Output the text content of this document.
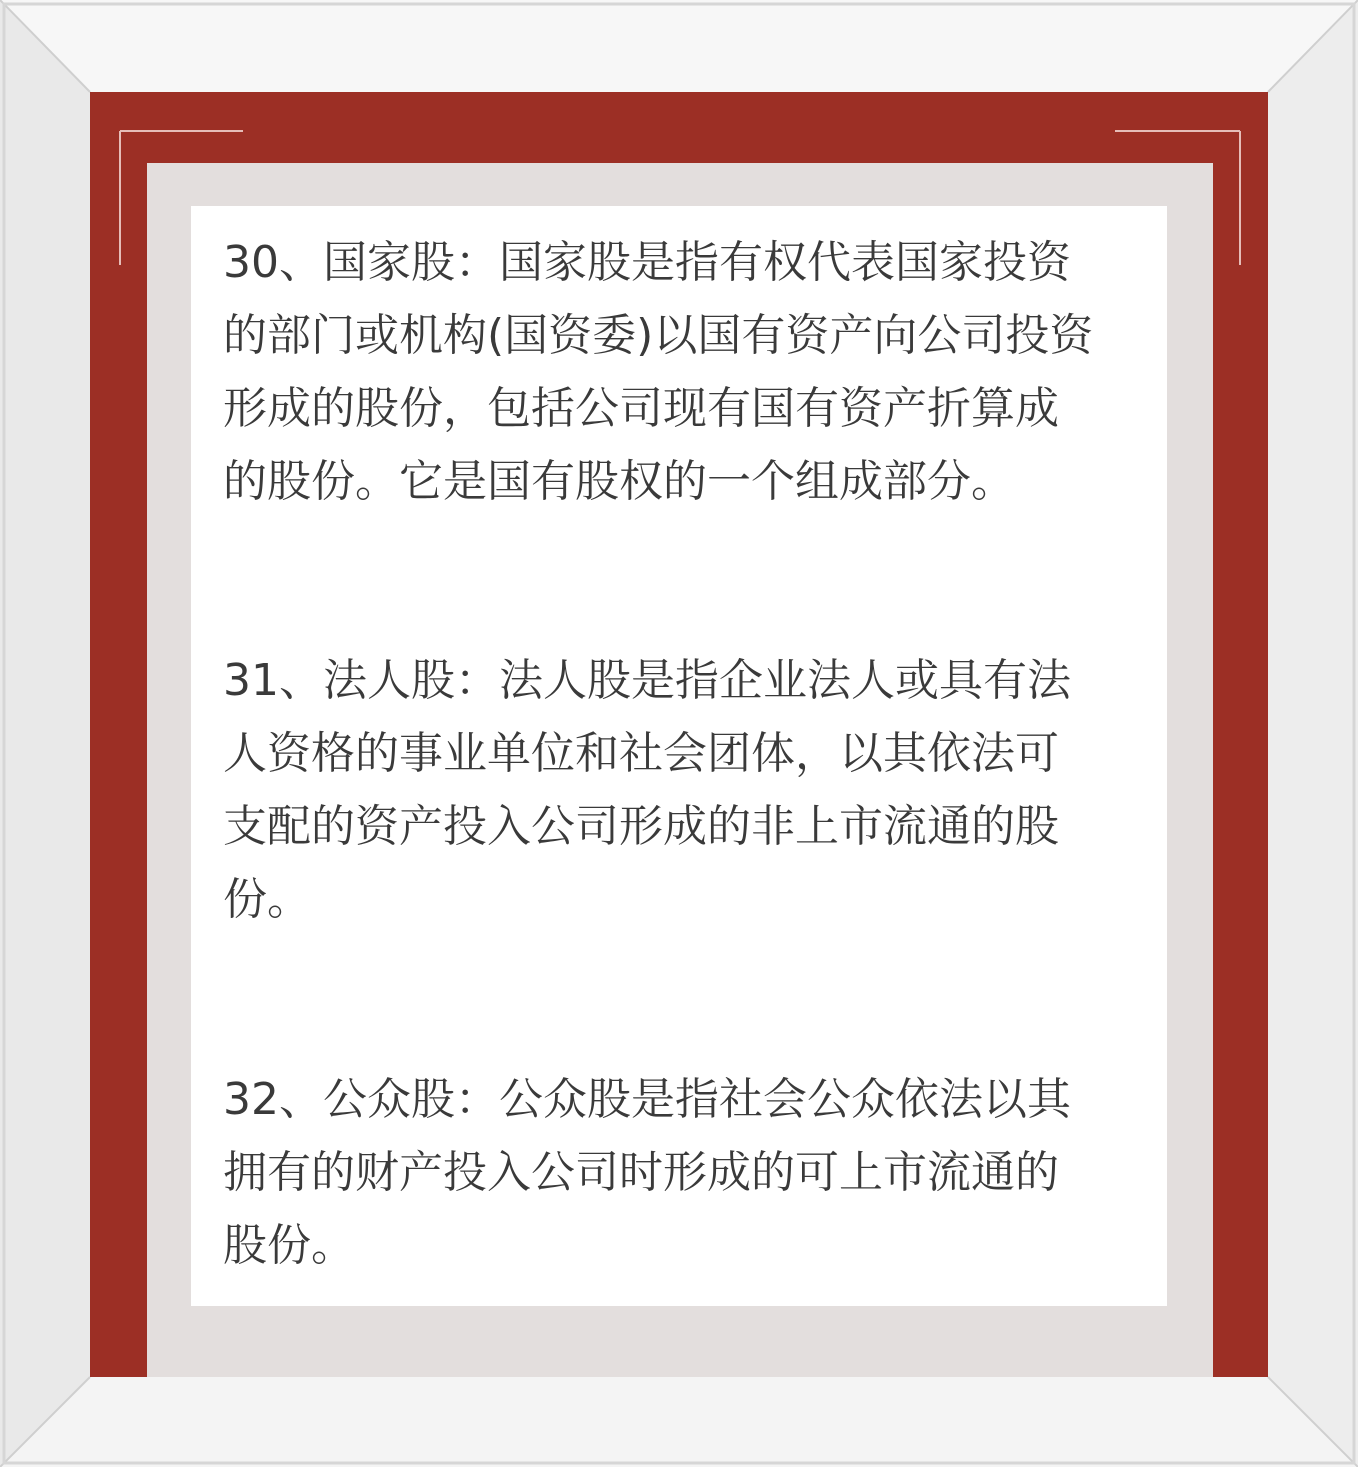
30、国家股：国家股是指有权代表国家投资
的部门或机构(国资委)以国有资产向公司投资
形成的股份，包括公司现有国有资产折算成
的股份。它是国有股权的一个组成部分。

31、法人股：法人股是指企业法人或具有法
人资格的事业单位和社会团体，以其依法可
支配的资产投入公司形成的非上市流通的股
份。

32、公众股：公众股是指社会公众依法以其
拥有的财产投入公司时形成的可上市流通的
股份。
